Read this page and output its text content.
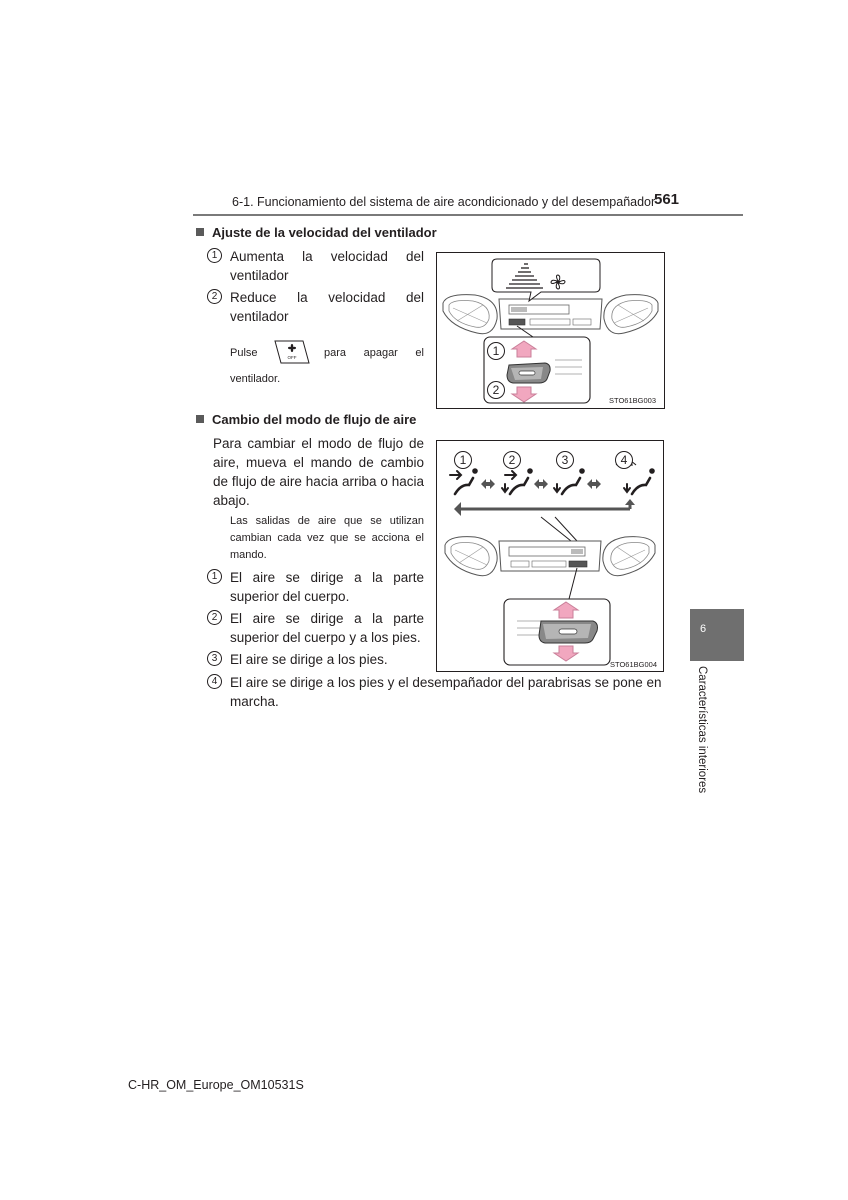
6-1. Funcionamiento del sistema de aire acondicionado y del desempañador
561
Ajuste de la velocidad del ventilador
1 Aumenta la velocidad del
ventilador
2 Reduce la velocidad del
ventilador
Pulse	OFF	para apagar el
ventilador.
STO61BG003
1
2
Cambio del modo de flujo de aire
Para cambiar el modo de flujo de
aire, mueva el mando de cambio
de flujo de aire hacia arriba o hacia
abajo.
Las salidas de aire que se utilizan
cambian cada vez que se acciona el
mando.
1 El aire se dirige a la parte
superior del cuerpo.
2 El aire se dirige a la parte
superior del cuerpo y a los pies.
3 El aire se dirige a los pies.
4 El aire se dirige a los pies y el desempañador del parabrisas se pone en
marcha.
STO61BG004
1	2	3	4
6
Características interiores
C-HR_OM_Europe_OM10531S
